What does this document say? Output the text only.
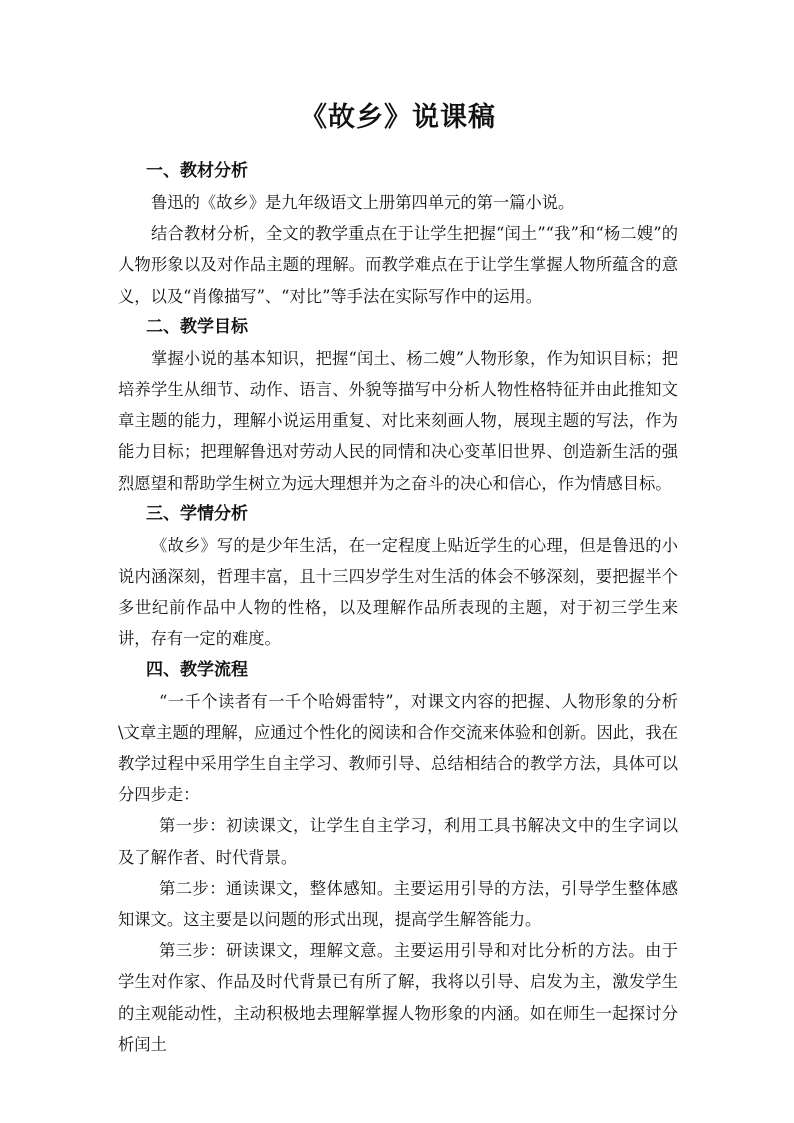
《故乡》说课稿
一、教材分析

鲁迅的《故乡》是九年级语文上册第四单元的第一篇小说。

结合教材分析，全文的教学重点在于让学生把握“闰土”“我”和“杨二嫂”的人物形象以及对作品主题的理解。而教学难点在于让学生掌握人物所蕴含的意义，以及“肖像描写”、“对比”等手法在实际写作中的运用。

二、教学目标

掌握小说的基本知识，把握“闰土、杨二嫂”人物形象，作为知识目标；把培养学生从细节、动作、语言、外貌等描写中分析人物性格特征并由此推知文章主题的能力，理解小说运用重复、对比来刻画人物，展现主题的写法，作为能力目标；把理解鲁迅对劳动人民的同情和决心变革旧世界、创造新生活的强烈愿望和帮助学生树立为远大理想并为之奋斗的决心和信心，作为情感目标。

三、学情分析

《故乡》写的是少年生活，在一定程度上贴近学生的心理，但是鲁迅的小说内涵深刻，哲理丰富，且十三四岁学生对生活的体会不够深刻，要把握半个多世纪前作品中人物的性格，以及理解作品所表现的主题，对于初三学生来讲，存有一定的难度。

四、教学流程

“一千个读者有一千个哈姆雷特”，对课文内容的把握、人物形象的分析\文章主题的理解，应通过个性化的阅读和合作交流来体验和创新。因此，我在教学过程中采用学生自主学习、教师引导、总结相结合的教学方法，具体可以分四步走：

第一步：初读课文，让学生自主学习，利用工具书解决文中的生字词以及了解作者、时代背景。

第二步：通读课文，整体感知。主要运用引导的方法，引导学生整体感知课文。这主要是以问题的形式出现，提高学生解答能力。

第三步：研读课文，理解文意。主要运用引导和对比分析的方法。由于学生对作家、作品及时代背景已有所了解，我将以引导、启发为主，激发学生的主观能动性，主动积极地去理解掌握人物形象的内涵。如在师生一起探讨分析闰土
